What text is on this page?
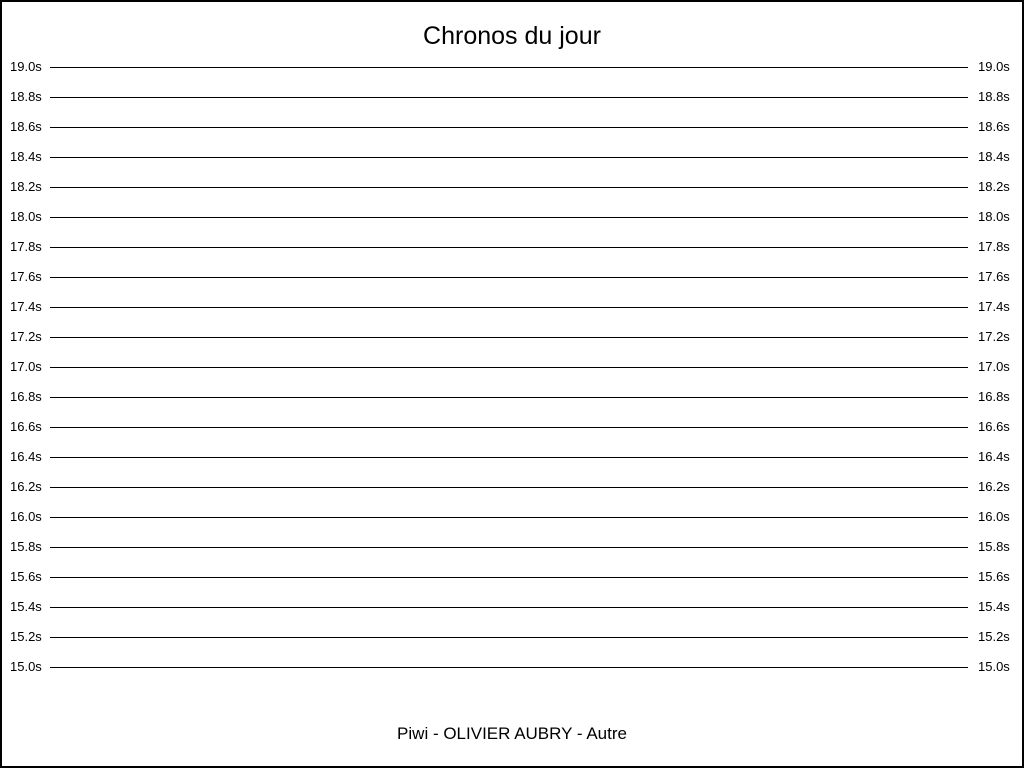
Chronos du jour
19.0s	19.0s
18.8s	18.8s
18.6s	18.6s
18.4s	18.4s
18.2s	18.2s
18.0s	18.0s
17.8s	17.8s
17.6s	17.6s
17.4s	17.4s
17.2s	17.2s
17.0s	17.0s
16.8s	16.8s
16.6s	16.6s
16.4s	16.4s
16.2s	16.2s
16.0s	16.0s
15.8s	15.8s
15.6s	15.6s
15.4s	15.4s
15.2s	15.2s
15.0s	15.0s
Piwi - OLIVIER AUBRY - Autre
